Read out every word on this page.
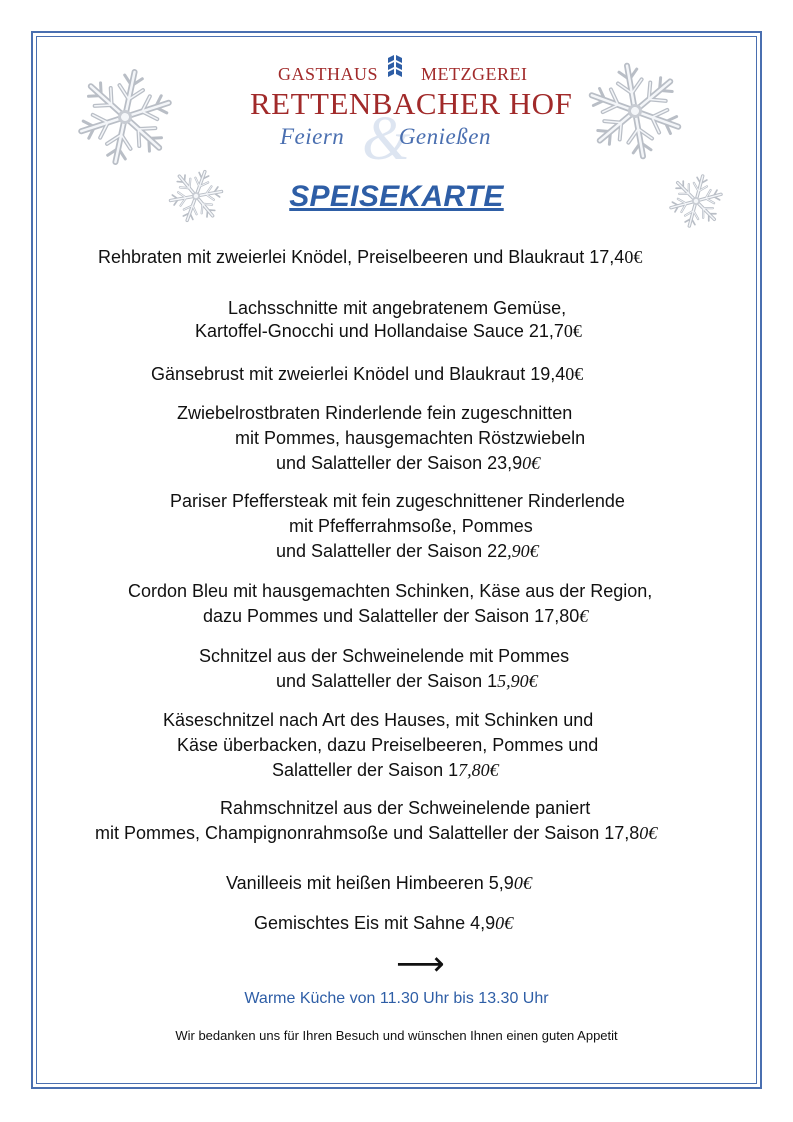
&
GASTHAUS METZGEREI
RETTENBACHER HOF
Feiern Genießen
SPEISEKARTE
Rehbraten mit zweierlei Knödel, Preiselbeeren und Blaukraut 17,40€
Lachsschnitte mit angebratenem Gemüse,
Kartoffel-Gnocchi und Hollandaise Sauce 21,70€
Gänsebrust mit zweierlei Knödel und Blaukraut 19,40€
Zwiebelrostbraten Rinderlende fein zugeschnitten
mit Pommes, hausgemachten Röstzwiebeln
und Salatteller der Saison 23,90€
Pariser Pfeffersteak mit fein zugeschnittener Rinderlende
mit Pfefferrahmsoße, Pommes
und Salatteller der Saison 22,90€
Cordon Bleu mit hausgemachten Schinken, Käse aus der Region,
dazu Pommes und Salatteller der Saison 17,80€
Schnitzel aus der Schweinelende mit Pommes
und Salatteller der Saison 15,90€
Käseschnitzel nach Art des Hauses, mit Schinken und
Käse überbacken, dazu Preiselbeeren, Pommes und
Salatteller der Saison 17,80€
Rahmschnitzel aus der Schweinelende paniert
mit Pommes, Champignonrahmsoße und Salatteller der Saison 17,80€
Vanilleeis mit heißen Himbeeren 5,90€
Gemischtes Eis mit Sahne 4,90€
⟶
Warme Küche von 11.30 Uhr bis 13.30 Uhr
Wir bedanken uns für Ihren Besuch und wünschen Ihnen einen guten Appetit
